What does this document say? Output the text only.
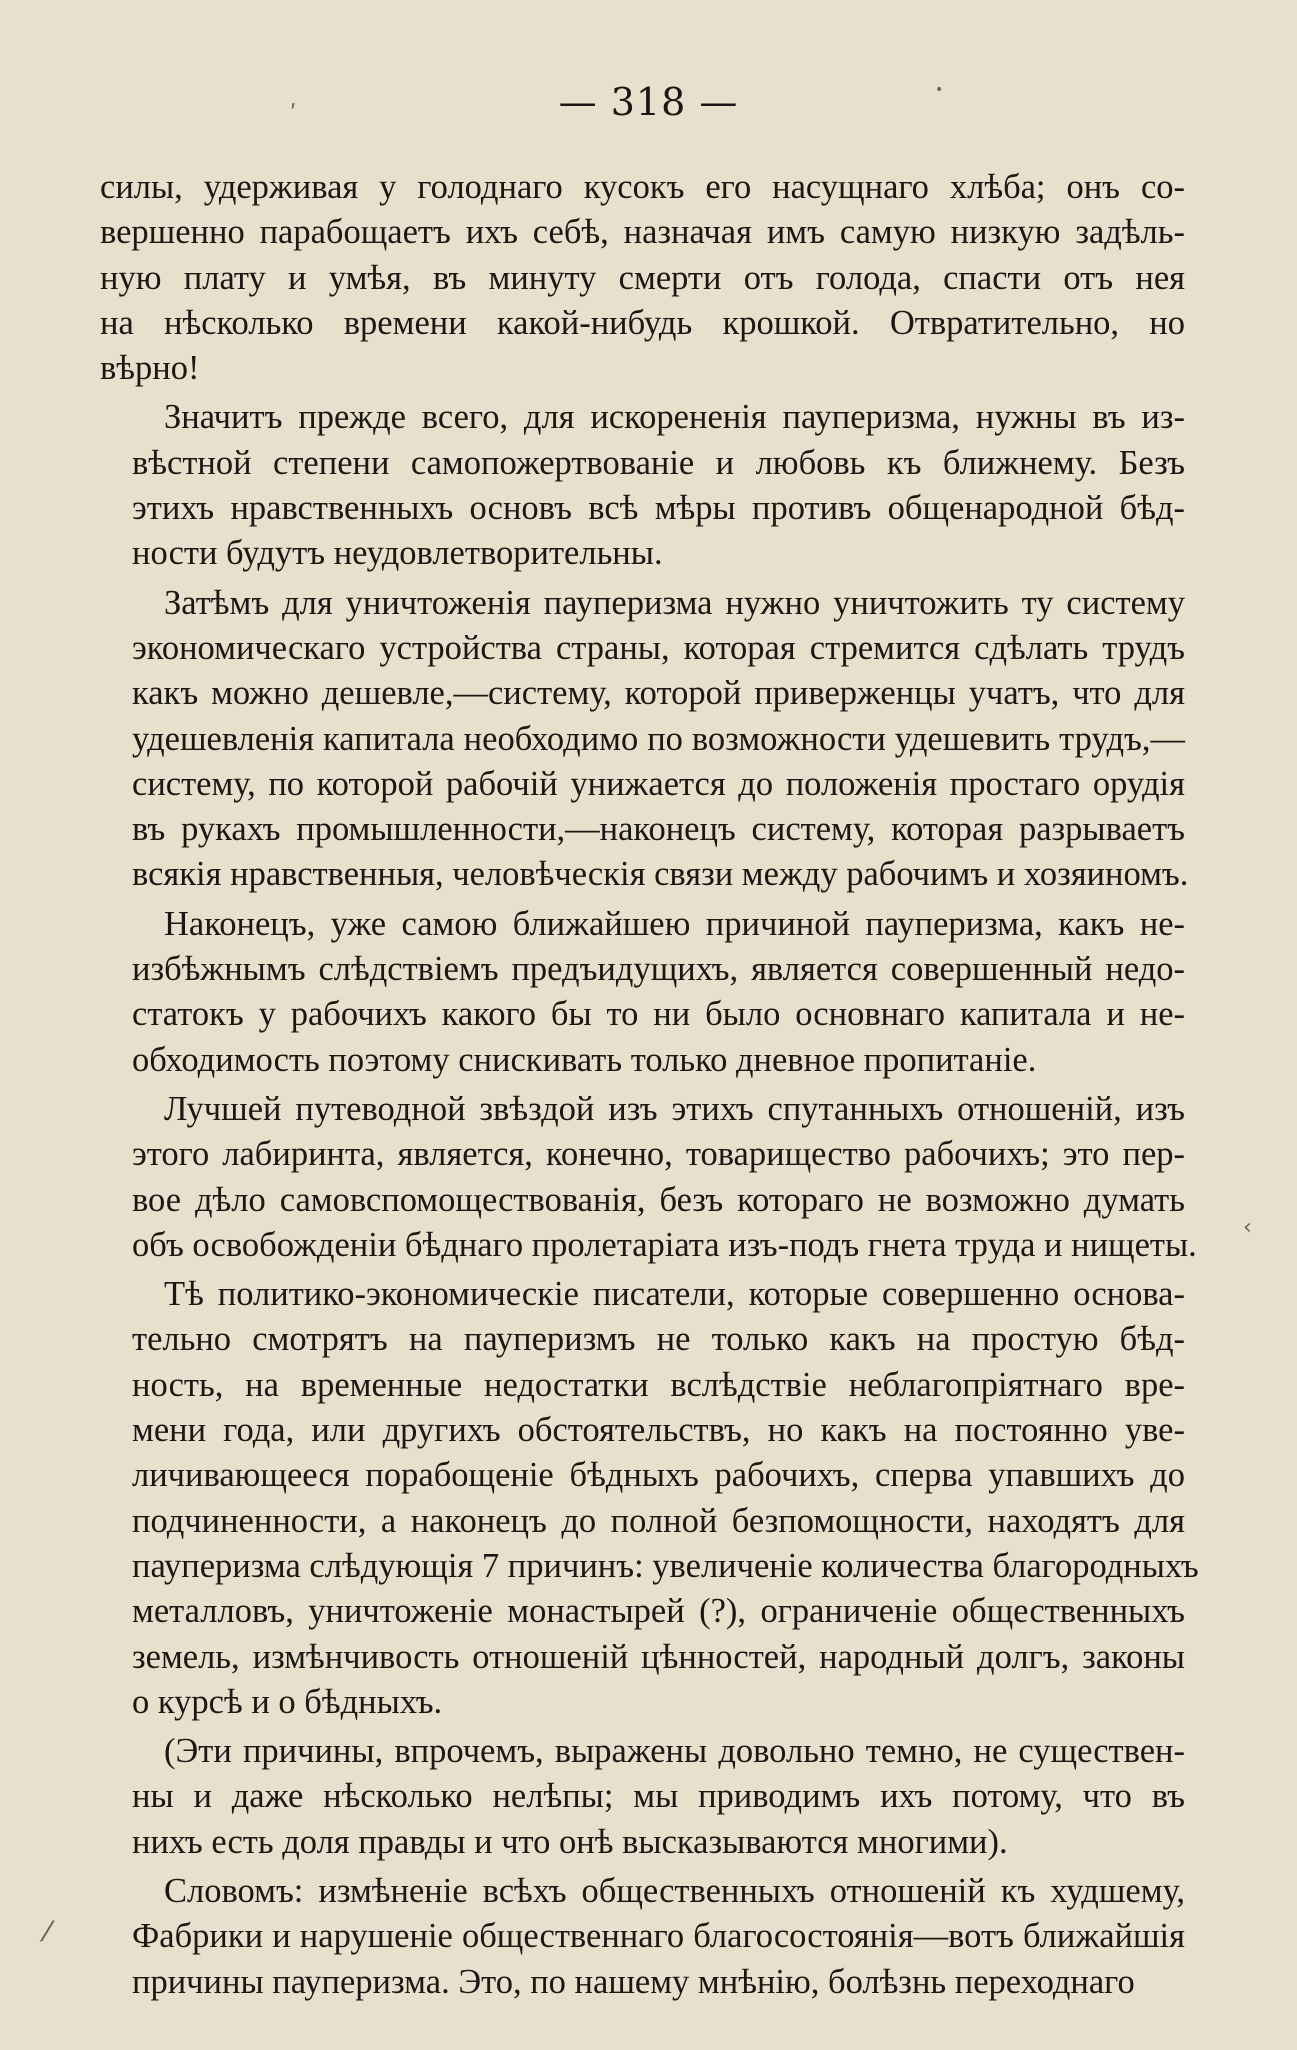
— 318 —
силы, удерживая у голоднаго кусокъ его насущнаго хлѣба; онъ со-
вершенно парабощаетъ ихъ себѣ, назначая имъ самую низкую задѣль-
ную плату и умѣя, въ минуту смерти отъ голода, спасти отъ нея
на нѣсколько времени какой-нибудь крошкой. Отвратительно, но
вѣрно!
Значитъ прежде всего, для искорененія пауперизма, нужны въ из-
вѣстной степени самопожертвованіе и любовь къ ближнему. Безъ
этихъ нравственныхъ основъ всѣ мѣры противъ общенародной бѣд-
ности будутъ неудовлетворительны.
Затѣмъ для уничтоженія пауперизма нужно уничтожить ту систему
экономическаго устройства страны, которая стремится сдѣлать трудъ
какъ можно дешевле,—систему, которой приверженцы учатъ, что для
удешевленія капитала необходимо по возможности удешевить трудъ,—
систему, по которой рабочій унижается до положенія простаго орудія
въ рукахъ промышленности,—наконецъ систему, которая разрываетъ
всякія нравственныя, человѣческія связи между рабочимъ и хозяиномъ.
Наконецъ, уже самою ближайшею причиной пауперизма, какъ не-
избѣжнымъ слѣдствіемъ предъидущихъ, является совершенный недо-
статокъ у рабочихъ какого бы то ни было основнаго капитала и не-
обходимость поэтому снискивать только дневное пропитаніе.
Лучшей путеводной звѣздой изъ этихъ спутанныхъ отношеній, изъ
этого лабиринта, является, конечно, товарищество рабочихъ; это пер-
вое дѣло самовспомоществованія, безъ котораго не возможно думать
объ освобожденіи бѣднаго пролетаріата изъ-подъ гнета труда и нищеты.
Тѣ политико-экономическіе писатели, которые совершенно основа-
тельно смотрятъ на пауперизмъ не только какъ на простую бѣд-
ность, на временные недостатки вслѣдствіе неблагопріятнаго вре-
мени года, или другихъ обстоятельствъ, но какъ на постоянно уве-
личивающееся порабощеніе бѣдныхъ рабочихъ, сперва упавшихъ до
подчиненности, а наконецъ до полной безпомощности, находятъ для
пауперизма слѣдующія 7 причинъ: увеличеніе количества благородныхъ
металловъ, уничтоженіе монастырей (?), ограниченіе общественныхъ
земель, измѣнчивость отношеній цѣнностей, народный долгъ, законы
о курсѣ и о бѣдныхъ.
(Эти причины, впрочемъ, выражены довольно темно, не существен-
ны и даже нѣсколько нелѣпы; мы приводимъ ихъ потому, что въ
нихъ есть доля правды и что онѣ высказываются многими).
Словомъ: измѣненіе всѣхъ общественныхъ отношеній къ худшему,
Фабрики и нарушеніе общественнаго благосостоянія—вотъ ближайшія
причины пауперизма. Это, по нашему мнѣнію, болѣзнь переходнаго
ʹ
•
‹
⁄
